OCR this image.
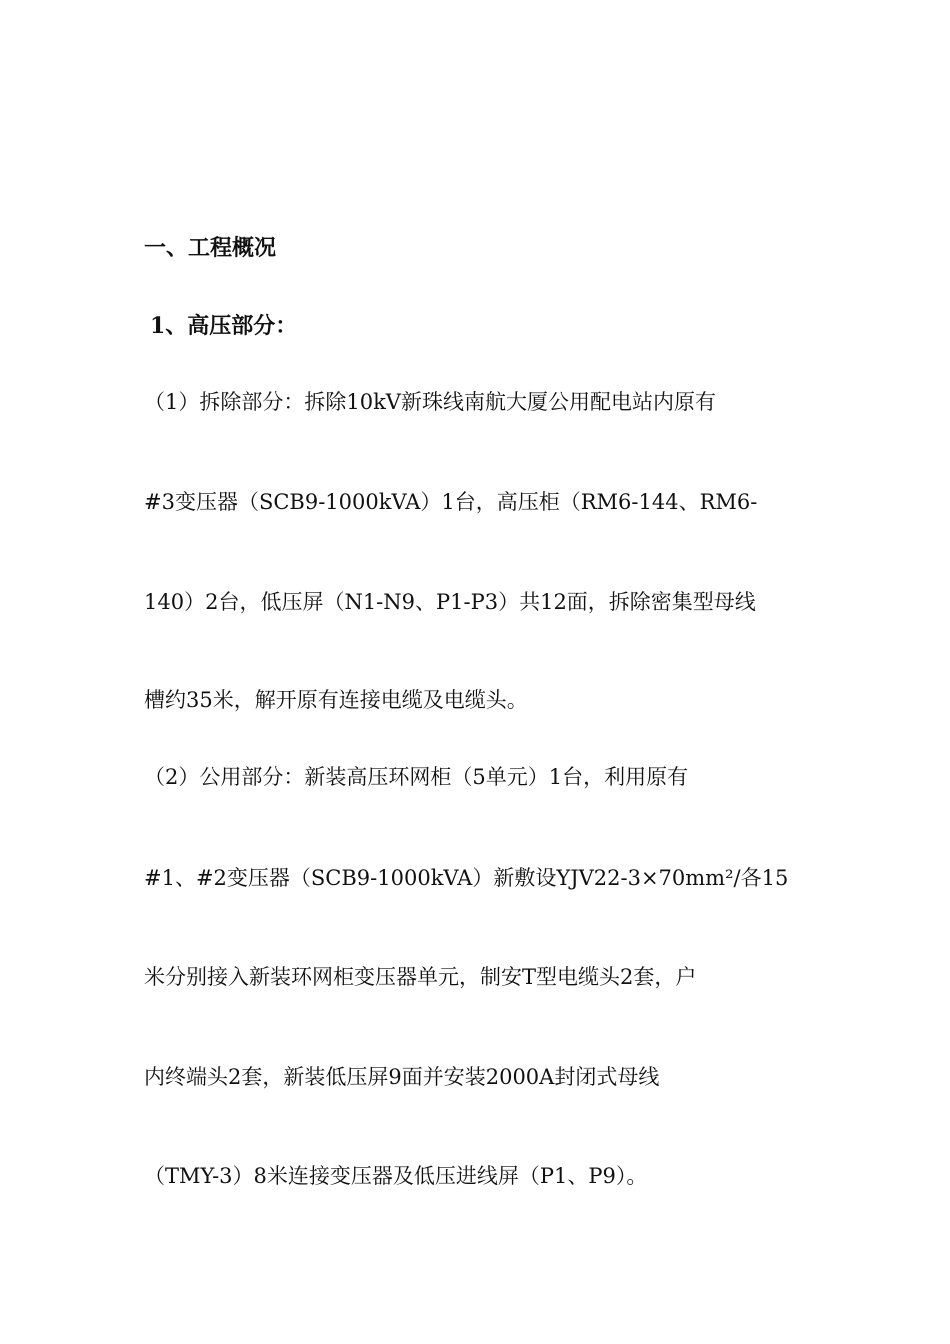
一、工程概况
1、高压部分：
（1）拆除部分：拆除10kV新珠线南航大厦公用配电站内原有
#3变压器（SCB9-1000kVA）1台，高压柜（RM6-144、RM6-
140）2台，低压屏（N1-N9、P1-P3）共12面，拆除密集型母线
槽约35米，解开原有连接电缆及电缆头。
（2）公用部分：新装高压环网柜（5单元）1台，利用原有
#1、#2变压器（SCB9-1000kVA）新敷设YJV22-3×70mm²/各15
米分别接入新装环网柜变压器单元，制安T型电缆头2套，户
内终端头2套，新装低压屏9面并安装2000A封闭式母线
（TMY-3）8米连接变压器及低压进线屏（P1、P9）。
